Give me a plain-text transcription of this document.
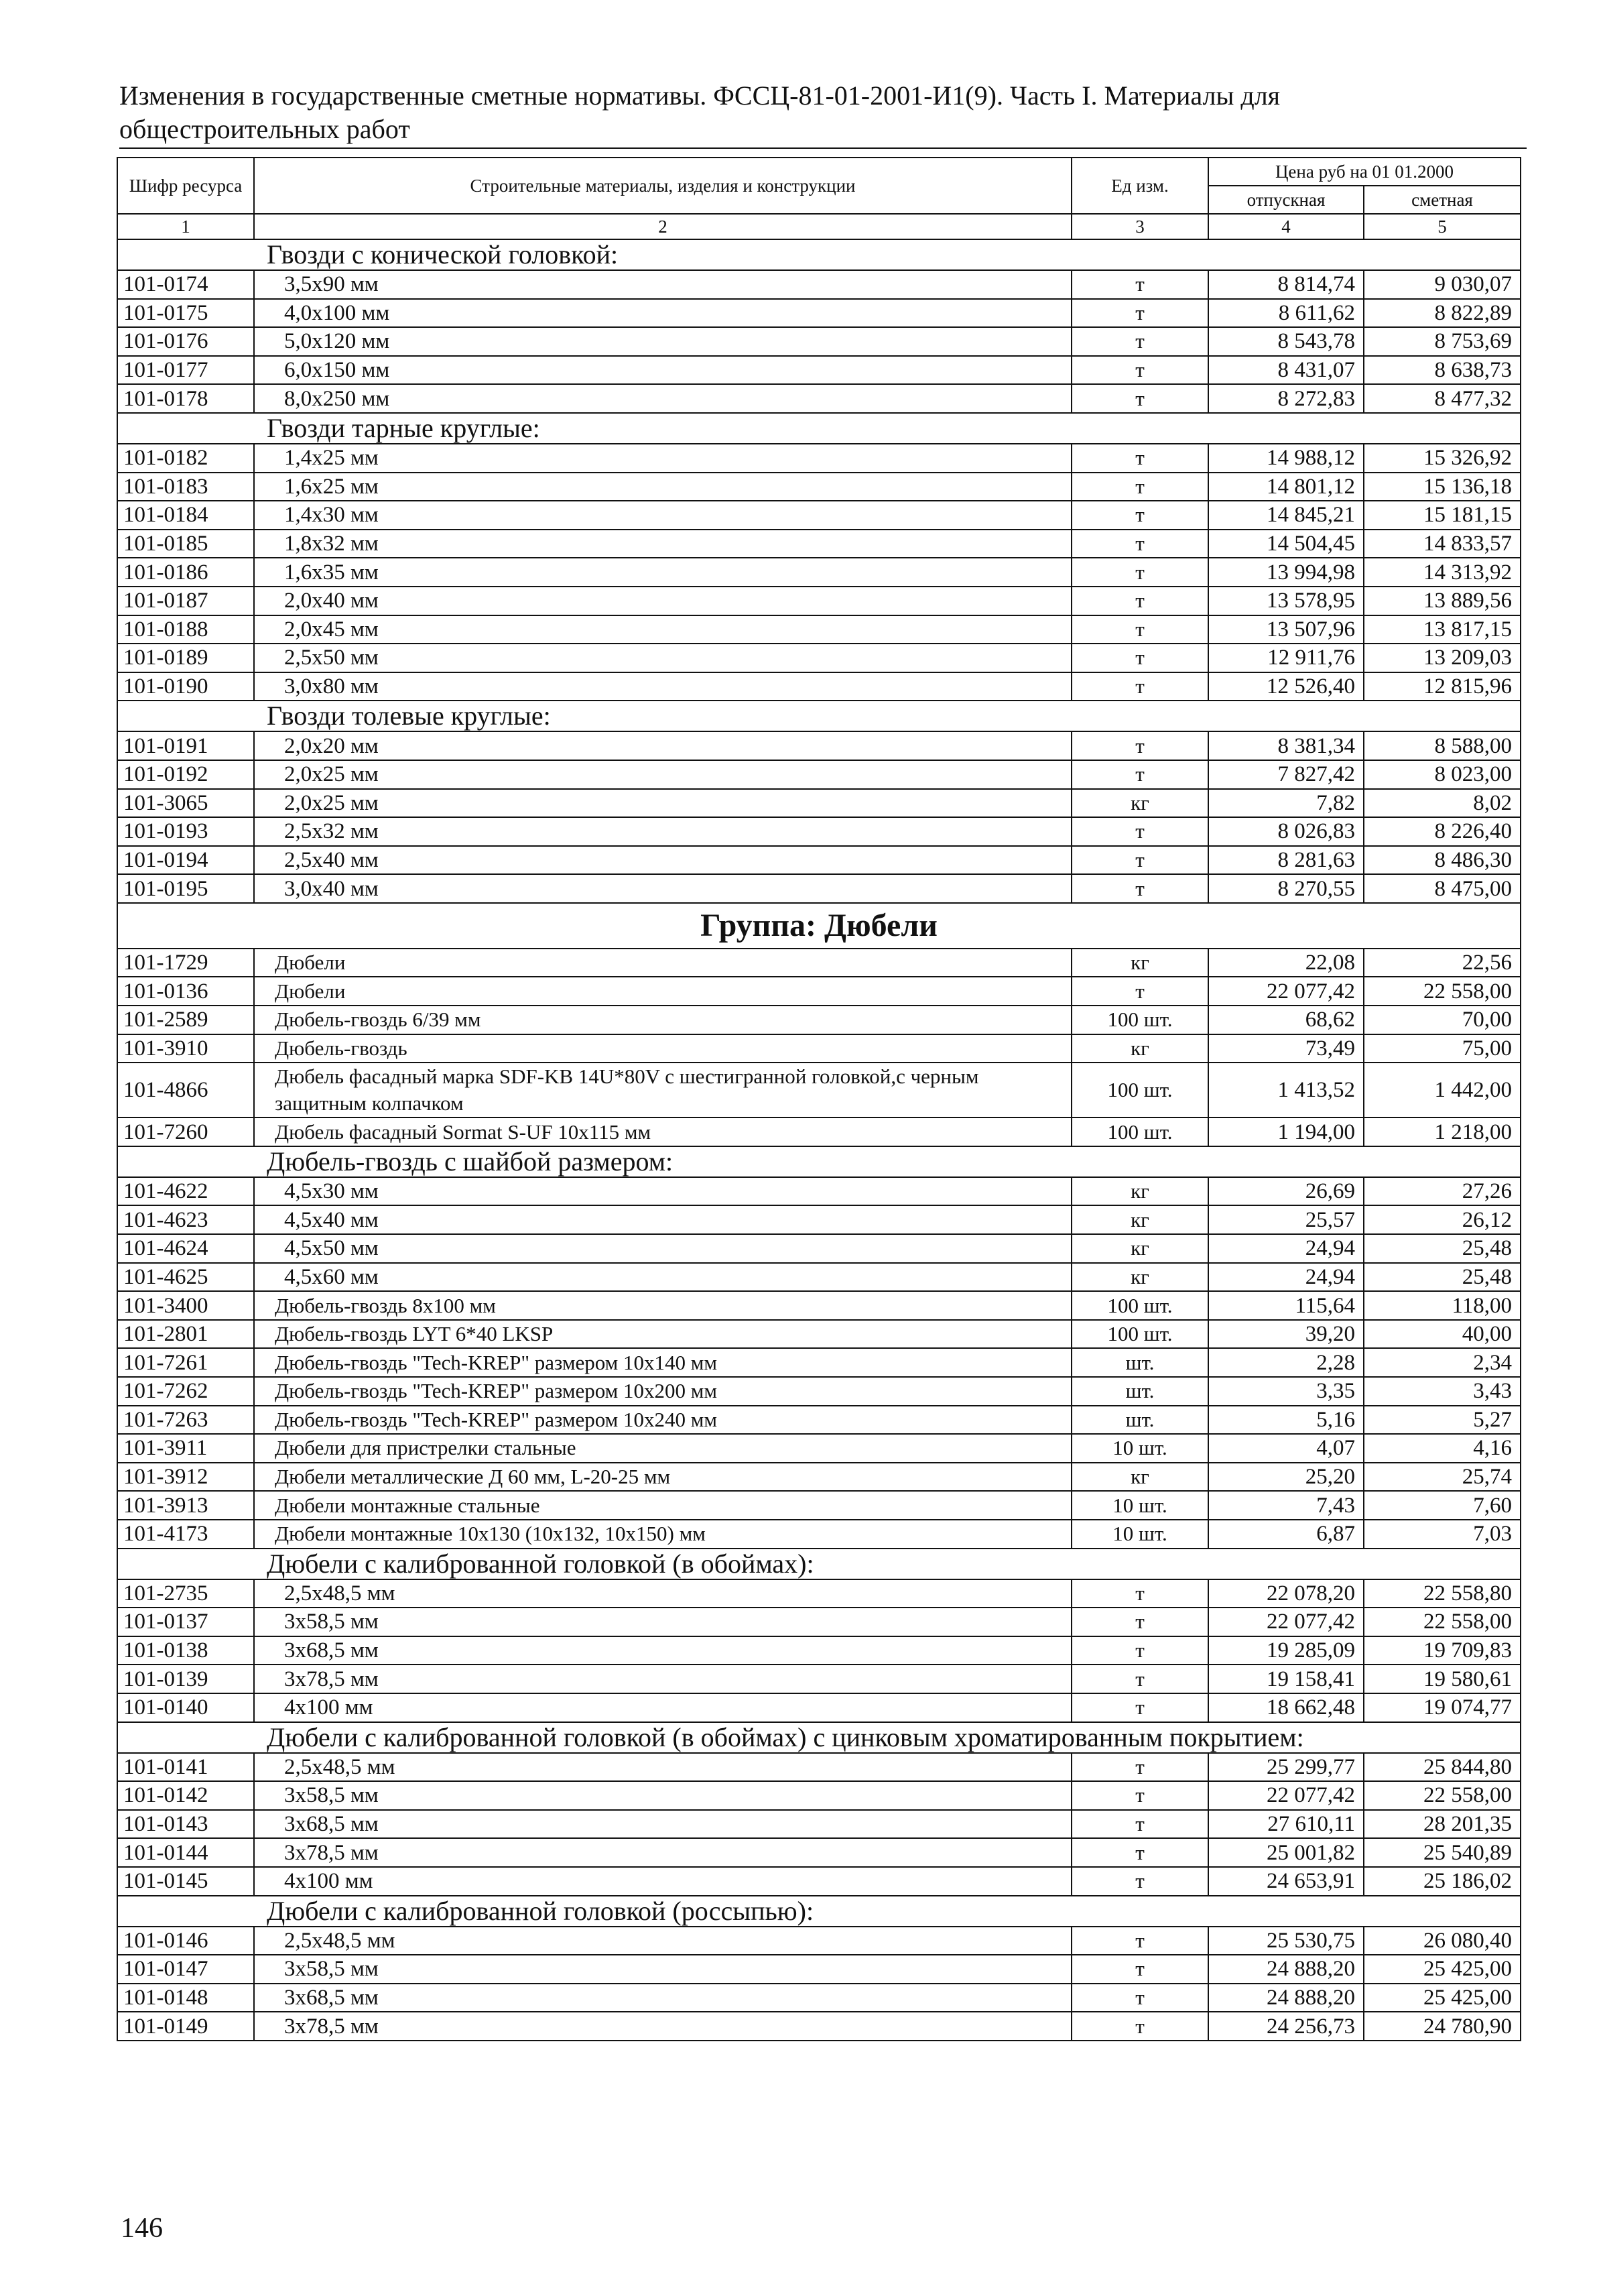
Изменения в государственные сметные нормативы. ФССЦ-81-01-2001-И1(9). Часть I. Материалы для общестроительных работ
Шифр ресурса	Строительные материалы, изделия и конструкции	Ед изм.	Цена руб на 01 01.2000	
			отпускная	сметная
1	2	3	4	5
Гвозди с конической головкой:				
101-0174	3,5х90 мм	т	8 814,74	9 030,07
101-0175	4,0х100 мм	т	8 611,62	8 822,89
101-0176	5,0х120 мм	т	8 543,78	8 753,69
101-0177	6,0х150 мм	т	8 431,07	8 638,73
101-0178	8,0х250 мм	т	8 272,83	8 477,32
Гвозди тарные круглые:				
101-0182	1,4х25 мм	т	14 988,12	15 326,92
101-0183	1,6х25 мм	т	14 801,12	15 136,18
101-0184	1,4х30 мм	т	14 845,21	15 181,15
101-0185	1,8х32 мм	т	14 504,45	14 833,57
101-0186	1,6х35 мм	т	13 994,98	14 313,92
101-0187	2,0х40 мм	т	13 578,95	13 889,56
101-0188	2,0х45 мм	т	13 507,96	13 817,15
101-0189	2,5х50 мм	т	12 911,76	13 209,03
101-0190	3,0х80 мм	т	12 526,40	12 815,96
Гвозди толевые круглые:				
101-0191	2,0х20 мм	т	8 381,34	8 588,00
101-0192	2,0х25 мм	т	7 827,42	8 023,00
101-3065	2,0х25 мм	кг	7,82	8,02
101-0193	2,5х32 мм	т	8 026,83	8 226,40
101-0194	2,5х40 мм	т	8 281,63	8 486,30
101-0195	3,0х40 мм	т	8 270,55	8 475,00
Группа: Дюбели				
101-1729	Дюбели	кг	22,08	22,56
101-0136	Дюбели	т	22 077,42	22 558,00
101-2589	Дюбель-гвоздь 6/39 мм	100 шт.	68,62	70,00
101-3910	Дюбель-гвоздь	кг	73,49	75,00
101-4866	Дюбель фасадный марка SDF-KB 14U*80V с шестигранной головкой,с черным защитным колпачком	100 шт.	1 413,52	1 442,00
101-7260	Дюбель фасадный Sormat S-UF 10х115 мм	100 шт.	1 194,00	1 218,00
Дюбель-гвоздь с шайбой размером:				
101-4622	4,5х30 мм	кг	26,69	27,26
101-4623	4,5х40 мм	кг	25,57	26,12
101-4624	4,5х50 мм	кг	24,94	25,48
101-4625	4,5х60 мм	кг	24,94	25,48
101-3400	Дюбель-гвоздь 8х100 мм	100 шт.	115,64	118,00
101-2801	Дюбель-гвоздь LYT 6*40 LKSP	100 шт.	39,20	40,00
101-7261	Дюбель-гвоздь "Tech-KREP" размером 10х140 мм	шт.	2,28	2,34
101-7262	Дюбель-гвоздь "Tech-KREP" размером 10х200 мм	шт.	3,35	3,43
101-7263	Дюбель-гвоздь "Tech-KREP" размером 10х240 мм	шт.	5,16	5,27
101-3911	Дюбели для пристрелки стальные	10 шт.	4,07	4,16
101-3912	Дюбели металлические Д 60 мм, L-20-25 мм	кг	25,20	25,74
101-3913	Дюбели монтажные стальные	10 шт.	7,43	7,60
101-4173	Дюбели монтажные 10х130 (10х132, 10х150) мм	10 шт.	6,87	7,03
Дюбели с калиброванной головкой (в обоймах):				
101-2735	2,5х48,5 мм	т	22 078,20	22 558,80
101-0137	3х58,5 мм	т	22 077,42	22 558,00
101-0138	3х68,5 мм	т	19 285,09	19 709,83
101-0139	3х78,5 мм	т	19 158,41	19 580,61
101-0140	4х100 мм	т	18 662,48	19 074,77
Дюбели с калиброванной головкой (в обоймах) с цинковым хроматированным покрытием:				
101-0141	2,5х48,5 мм	т	25 299,77	25 844,80
101-0142	3х58,5 мм	т	22 077,42	22 558,00
101-0143	3х68,5 мм	т	27 610,11	28 201,35
101-0144	3х78,5 мм	т	25 001,82	25 540,89
101-0145	4х100 мм	т	24 653,91	25 186,02
Дюбели с калиброванной головкой (россыпью):				
101-0146	2,5х48,5 мм	т	25 530,75	26 080,40
101-0147	3х58,5 мм	т	24 888,20	25 425,00
101-0148	3х68,5 мм	т	24 888,20	25 425,00
101-0149	3х78,5 мм	т	24 256,73	24 780,90
146
